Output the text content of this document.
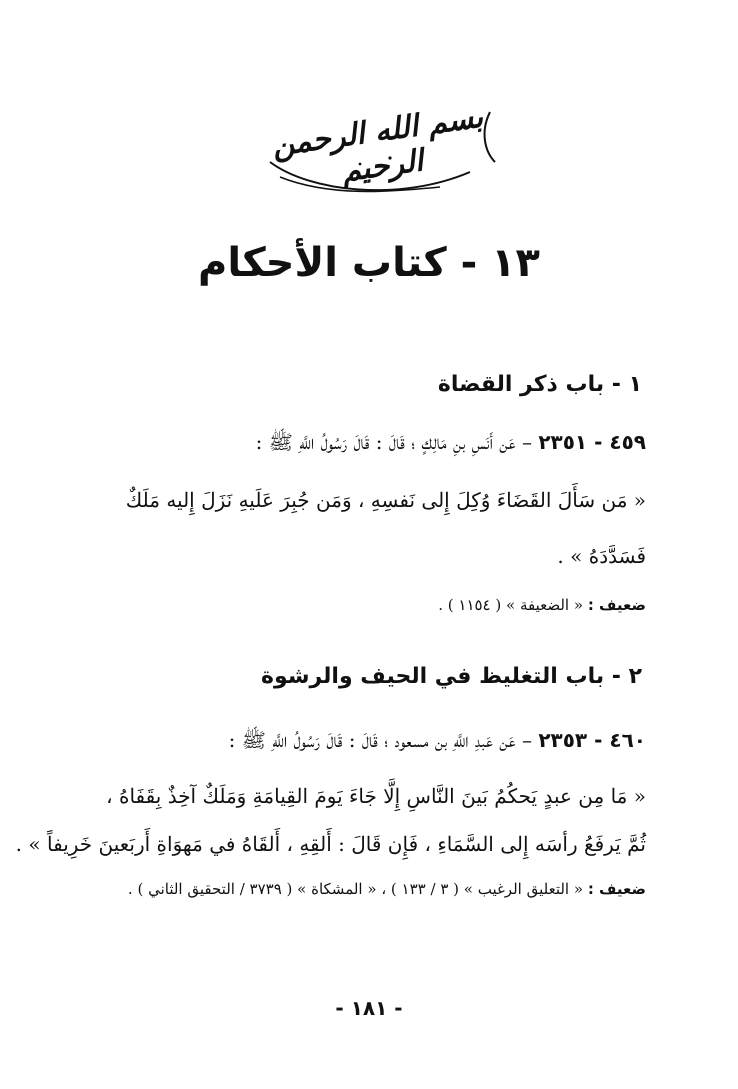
بسم الله الرحمن الرحيم
١٣ - كتاب الأحكام
١ - باب ذكر القضاة
٤٥٩ - ٢٣٥١ – عَن أَنَسِ بنِ مَالِكٍ ؛ قَالَ : قَالَ رَسُولُ اللَّهِ ﷺ :
« مَن سَأَلَ القَضَاءَ وُكِلَ إِلى نَفسِهِ ، وَمَن جُبِرَ عَلَيهِ نَزَلَ إِليه مَلَكٌ
فَسَدَّدَهُ » .
ضعيف : « الضعيفة » ( ١١٥٤ ) .
٢ - باب التغليظ في الحيف والرشوة
٤٦٠ - ٢٣٥٣ – عَن عَبدِ اللَّهِ بن مسعود ؛ قَالَ : قَالَ رَسُولُ اللَّهِ ﷺ :
« مَا مِن عبدٍ يَحكُمُ بَينَ النَّاسِ إِلَّا جَاءَ يَومَ القِيامَةِ وَمَلَكٌ آخِذٌ بِقَفَاهُ ،
ثُمَّ يَرفَعُ رأسَه إِلى السَّمَاءِ ، فَإِن قَالَ : أَلقِهِ ، أَلقَاهُ في مَهوَاةِ أَربَعينَ خَرِيفاً » .
ضعيف : « التعليق الرغيب » ( ٣ / ١٣٣ ) ، « المشكاة » ( ٣٧٣٩ / التحقيق الثاني ) .
- ١٨١ -
